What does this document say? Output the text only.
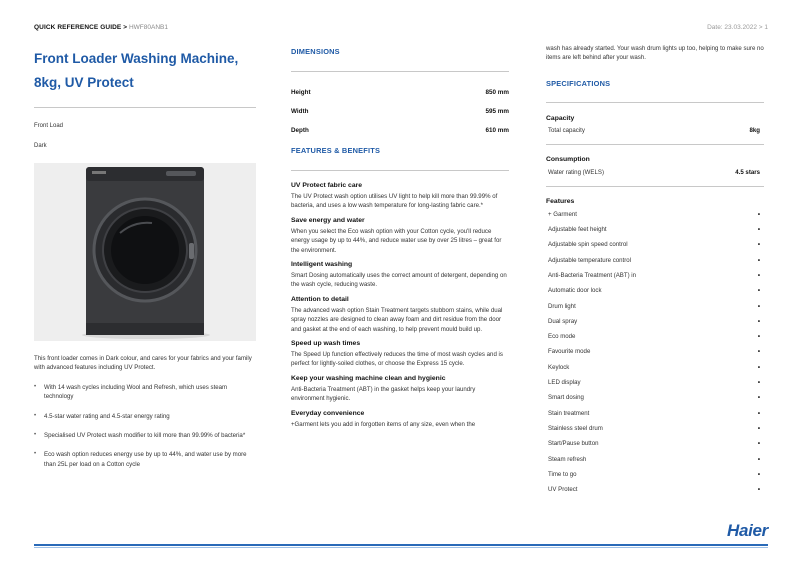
QUICK REFERENCE GUIDE > HWF80ANB1	Date: 23.03.2022 > 1
Front Loader Washing Machine,
8kg, UV Protect
Front Load
Dark
This front loader comes in Dark colour, and cares for your fabrics and your family with advanced features including UV Protect.
• With 14 wash cycles including Wool and Refresh, which uses steam technology
• 4.5-star water rating and 4.5-star energy rating
• Specialised UV Protect wash modifier to kill more than 99.99% of bacteria*
• Eco wash option reduces energy use by up to 44%, and water use by more than 25L per load on a Cotton cycle
DIMENSIONS
Height	850 mm
Width	595 mm
Depth	610 mm
FEATURES & BENEFITS
UV Protect fabric care
The UV Protect wash option utilises UV light to help kill more than 99.99% of bacteria, and uses a low wash temperature for long-lasting fabric care.*
Save energy and water
When you select the Eco wash option with your Cotton cycle, you'll reduce energy usage by up to 44%, and reduce water use by over 25 litres – great for the environment.
Intelligent washing
Smart Dosing automatically uses the correct amount of detergent, depending on the wash cycle, reducing waste.
Attention to detail
The advanced wash option Stain Treatment targets stubborn stains, while dual spray nozzles are designed to clean away foam and dirt residue from the door and gasket at the end of each washing, to help prevent mould build up.
Speed up wash times
The Speed Up function effectively reduces the time of most wash cycles and is perfect for lightly-soiled clothes, or choose the Express 15 cycle.
Keep your washing machine clean and hygienic
Anti-Bacteria Treatment (ABT) in the gasket helps keep your laundry environment hygienic.
Everyday convenience
+Garment lets you add in forgotten items of any size, even when the
wash has already started. Your wash drum lights up too, helping to make sure no items are left behind after your wash.
SPECIFICATIONS
Capacity
Total capacity	8kg
Consumption
Water rating (WELS)	4.5 stars
Features
+ Garment	•
Adjustable feet height	•
Adjustable spin speed control	•
Adjustable temperature control	•
Anti-Bacteria Treatment (ABT) in	•
Automatic door lock	•
Drum light	•
Dual spray	•
Eco mode	•
Favourite mode	•
Keylock	•
LED display	•
Smart dosing	•
Stain treatment	•
Stainless steel drum	•
Start/Pause button	•
Steam refresh	•
Time to go	•
UV Protect	•
Haier
